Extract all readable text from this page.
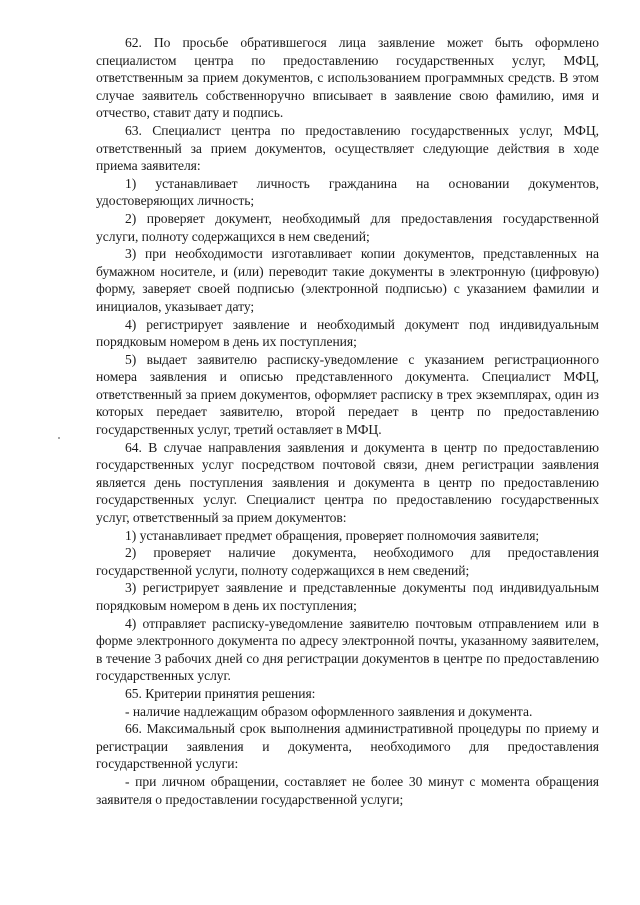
62. По просьбе обратившегося лица заявление может быть оформлено специалистом центра по предоставлению государственных услуг, МФЦ, ответственным за прием документов, с использованием программных средств. В этом случае заявитель собственноручно вписывает в заявление свою фамилию, имя и отчество, ставит дату и подпись.

63. Специалист центра по предоставлению государственных услуг, МФЦ, ответственный за прием документов, осуществляет следующие действия в ходе приема заявителя:

1) устанавливает личность гражданина на основании документов, удостоверяющих личность;

2) проверяет документ, необходимый для предоставления государственной услуги, полноту содержащихся в нем сведений;

3) при необходимости изготавливает копии документов, представленных на бумажном носителе, и (или) переводит такие документы в электронную (цифровую) форму, заверяет своей подписью (электронной подписью) с указанием фамилии и инициалов, указывает дату;

4) регистрирует заявление и необходимый документ под индивидуальным порядковым номером в день их поступления;

5) выдает заявителю расписку-уведомление с указанием регистрационного номера заявления и описью представленного документа. Специалист МФЦ, ответственный за прием документов, оформляет расписку в трех экземплярах, один из которых передает заявителю, второй передает в центр по предоставлению государственных услуг, третий оставляет в МФЦ.

64. В случае направления заявления и документа в центр по предоставлению государственных услуг посредством почтовой связи, днем регистрации заявления является день поступления заявления и документа в центр по предоставлению государственных услуг. Специалист центра по предоставлению государственных услуг, ответственный за прием документов:

1) устанавливает предмет обращения, проверяет полномочия заявителя;

2) проверяет наличие документа, необходимого для предоставления государственной услуги, полноту содержащихся в нем сведений;

3) регистрирует заявление и представленные документы под индивидуальным порядковым номером в день их поступления;

4) отправляет расписку-уведомление заявителю почтовым отправлением или в форме электронного документа по адресу электронной почты, указанному заявителем, в течение 3 рабочих дней со дня регистрации документов в центре по предоставлению государственных услуг.

65. Критерии принятия решения:

- наличие надлежащим образом оформленного заявления и документа.

66. Максимальный срок выполнения административной процедуры по приему и регистрации заявления и документа, необходимого для предоставления государственной услуги:

- при личном обращении, составляет не более 30 минут с момента обращения заявителя о предоставлении государственной услуги;
